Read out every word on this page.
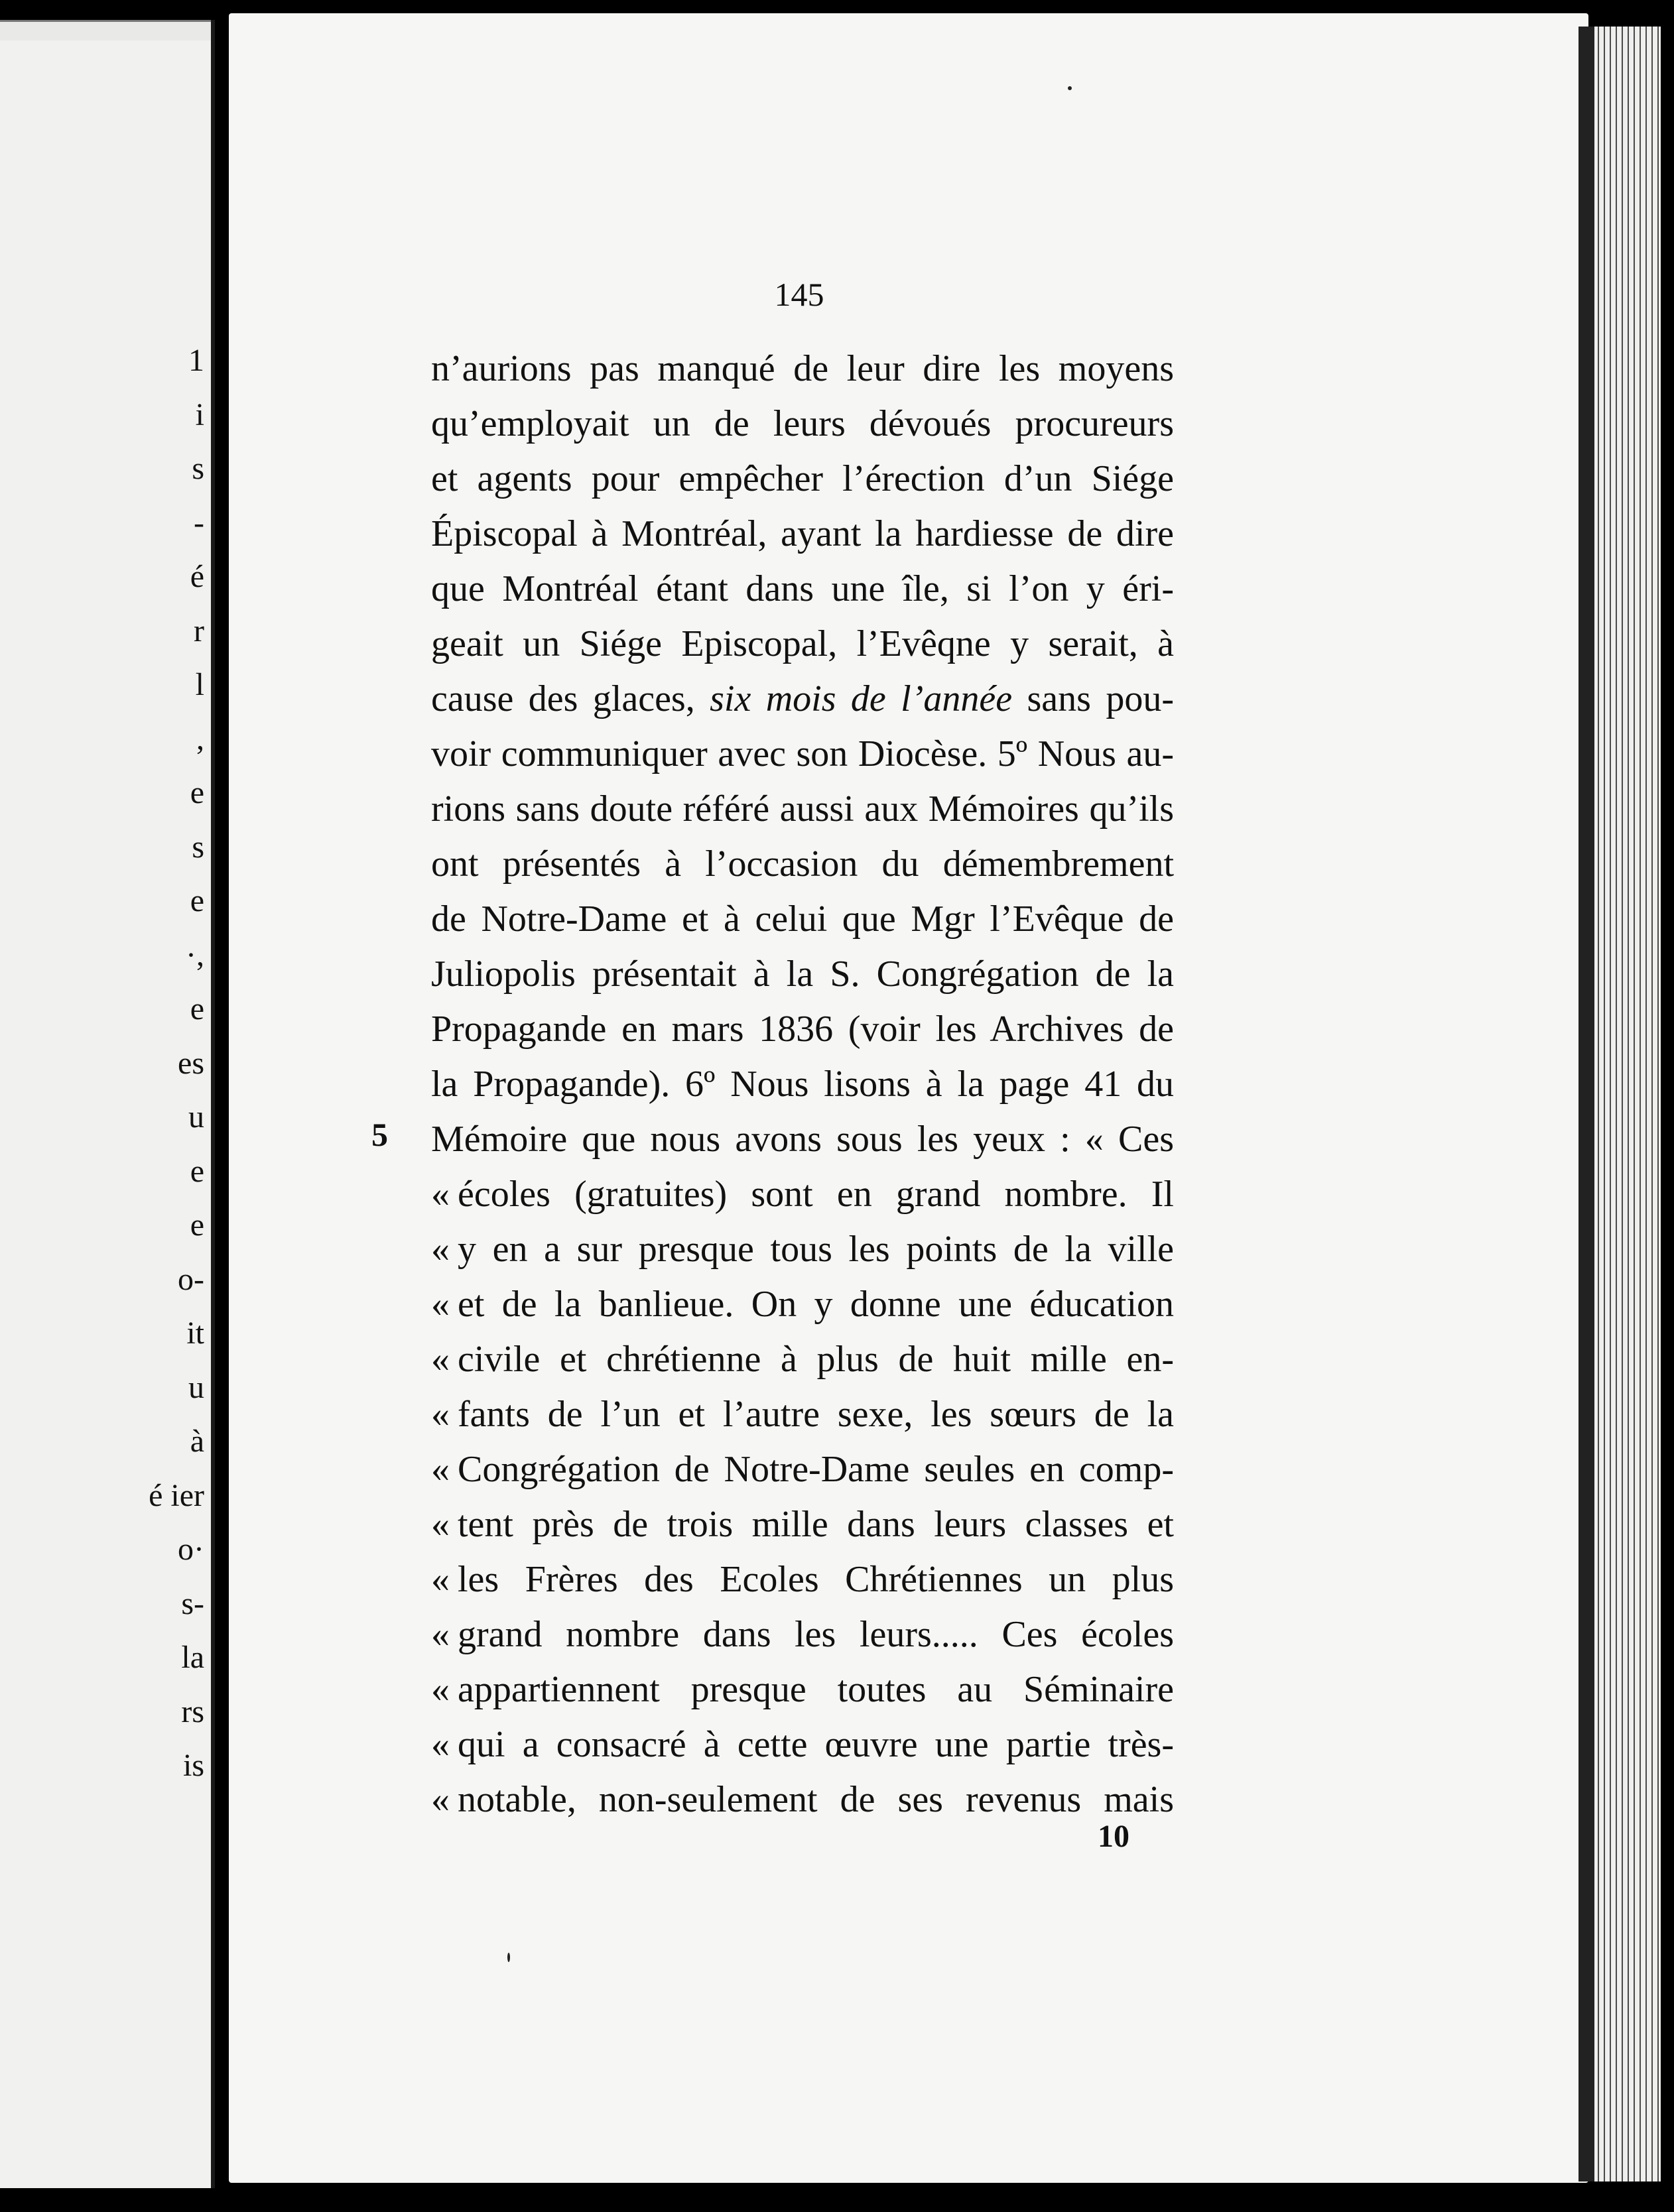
1
i
s
-
é
r
l
,
e
s
e
·,
e
es
u
e
e
o-
it
u
à
é ier
o·
s-
la
rs
is
145
5
n’aurions pas manqué de leur dire les moyens
qu’employait un de leurs dévoués procureurs
et agents pour empêcher l’érection d’un Siége
Épiscopal à Montréal, ayant la hardiesse de dire
que Montréal étant dans une île, si l’on y éri-
geait un Siége Episcopal, l’Evêqne y serait, à
cause des glaces, six mois de l’année sans pou-
voir communiquer avec son Diocèse. 5º Nous au-
rions sans doute référé aussi aux Mémoires qu’ils
ont présentés à l’occasion du démembrement
de Notre-Dame et à celui que Mgr l’Evêque de
Juliopolis présentait à la S. Congrégation de la
Propagande en mars 1836 (voir les Archives de
la Propagande). 6º Nous lisons à la page 41 du
Mémoire que nous avons sous les yeux : « Ces
« écoles (gratuites) sont en grand nombre. Il
« y en a sur presque tous les points de la ville
« et de la banlieue. On y donne une éducation
« civile et chrétienne à plus de huit mille en-
« fants de l’un et l’autre sexe, les sœurs de la
« Congrégation de Notre-Dame seules en comp-
« tent près de trois mille dans leurs classes et
« les Frères des Ecoles Chrétiennes un plus
« grand nombre dans les leurs..... Ces écoles
« appartiennent presque toutes au Séminaire
« qui a consacré à cette œuvre une partie très-
« notable, non-seulement de ses revenus mais
10
